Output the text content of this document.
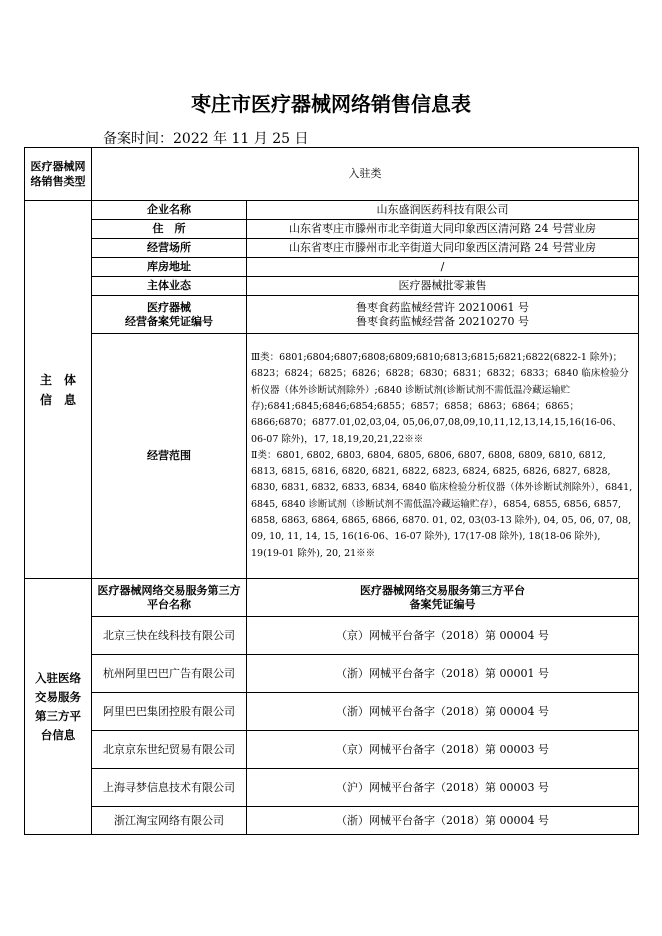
枣庄市医疗器械网络销售信息表
备案时间：2022 年 11 月 25 日
医疗器械网络销售类型	入驻类	

主　体
信　息	企业名称	山东盛润医药科技有限公司
	住　所	山东省枣庄市滕州市北辛街道大同印象西区清河路 24 号营业房
	经营场所	山东省枣庄市滕州市北辛街道大同印象西区清河路 24 号营业房
	库房地址	/
	主体业态	医疗器械批零兼售

	医疗器械
经营备案凭证编号	鲁枣食药监械经营许 20210061 号
鲁枣食药监械经营备 20210270 号

	经营范围	Ⅲ类：6801;6804;6807;6808;6809;6810;6813;6815;6821;6822(6822-1 除外)；6823；6824；6825；6826；6828；6830；6831；6832；6833；6840 临床检验分析仪器（体外诊断试剂除外）;6840 诊断试剂(诊断试剂不需低温冷藏运输贮存);6841;6845;6846;6854;6855；6857；6858；6863；6864；6865；6866;6870；6877.01,02,03,04, 05,06,07,08,09,10,11,12,13,14,15,16(16-06、06-07 除外)，17, 18,19,20,21,22※※

Ⅱ类：6801, 6802, 6803, 6804, 6805, 6806, 6807, 6808, 6809, 6810, 6812, 6813, 6815, 6816, 6820, 6821, 6822, 6823, 6824, 6825, 6826, 6827, 6828, 6830, 6831, 6832, 6833, 6834, 6840 临床检验分析仪器（体外诊断试剂除外），6841, 6845, 6840 诊断试剂（诊断试剂不需低温冷藏运输贮存），6854, 6855, 6856, 6857, 6858, 6863, 6864, 6865, 6866, 6870. 01, 02, 03(03-13 除外), 04, 05, 06, 07, 08, 09, 10, 11, 14, 15, 16(16-06、16-07 除外), 17(17-08 除外), 18(18-06 除外), 19(19-01 除外), 20, 21※※

入驻医络交易服务第三方平台信息	医疗器械网络交易服务第三方平台名称	医疗器械网络交易服务第三方平台备案凭证编号

	北京三快在线科技有限公司	（京）网械平台备字（2018）第 00004 号
	杭州阿里巴巴广告有限公司	（浙）网械平台备字（2018）第 00001 号
	阿里巴巴集团控股有限公司	（浙）网械平台备字（2018）第 00004 号
	北京京东世纪贸易有限公司	（京）网械平台备字（2018）第 00003 号
	上海寻梦信息技术有限公司	（沪）网械平台备字（2018）第 00003 号
	浙江淘宝网络有限公司	（浙）网械平台备字（2018）第 00004 号
